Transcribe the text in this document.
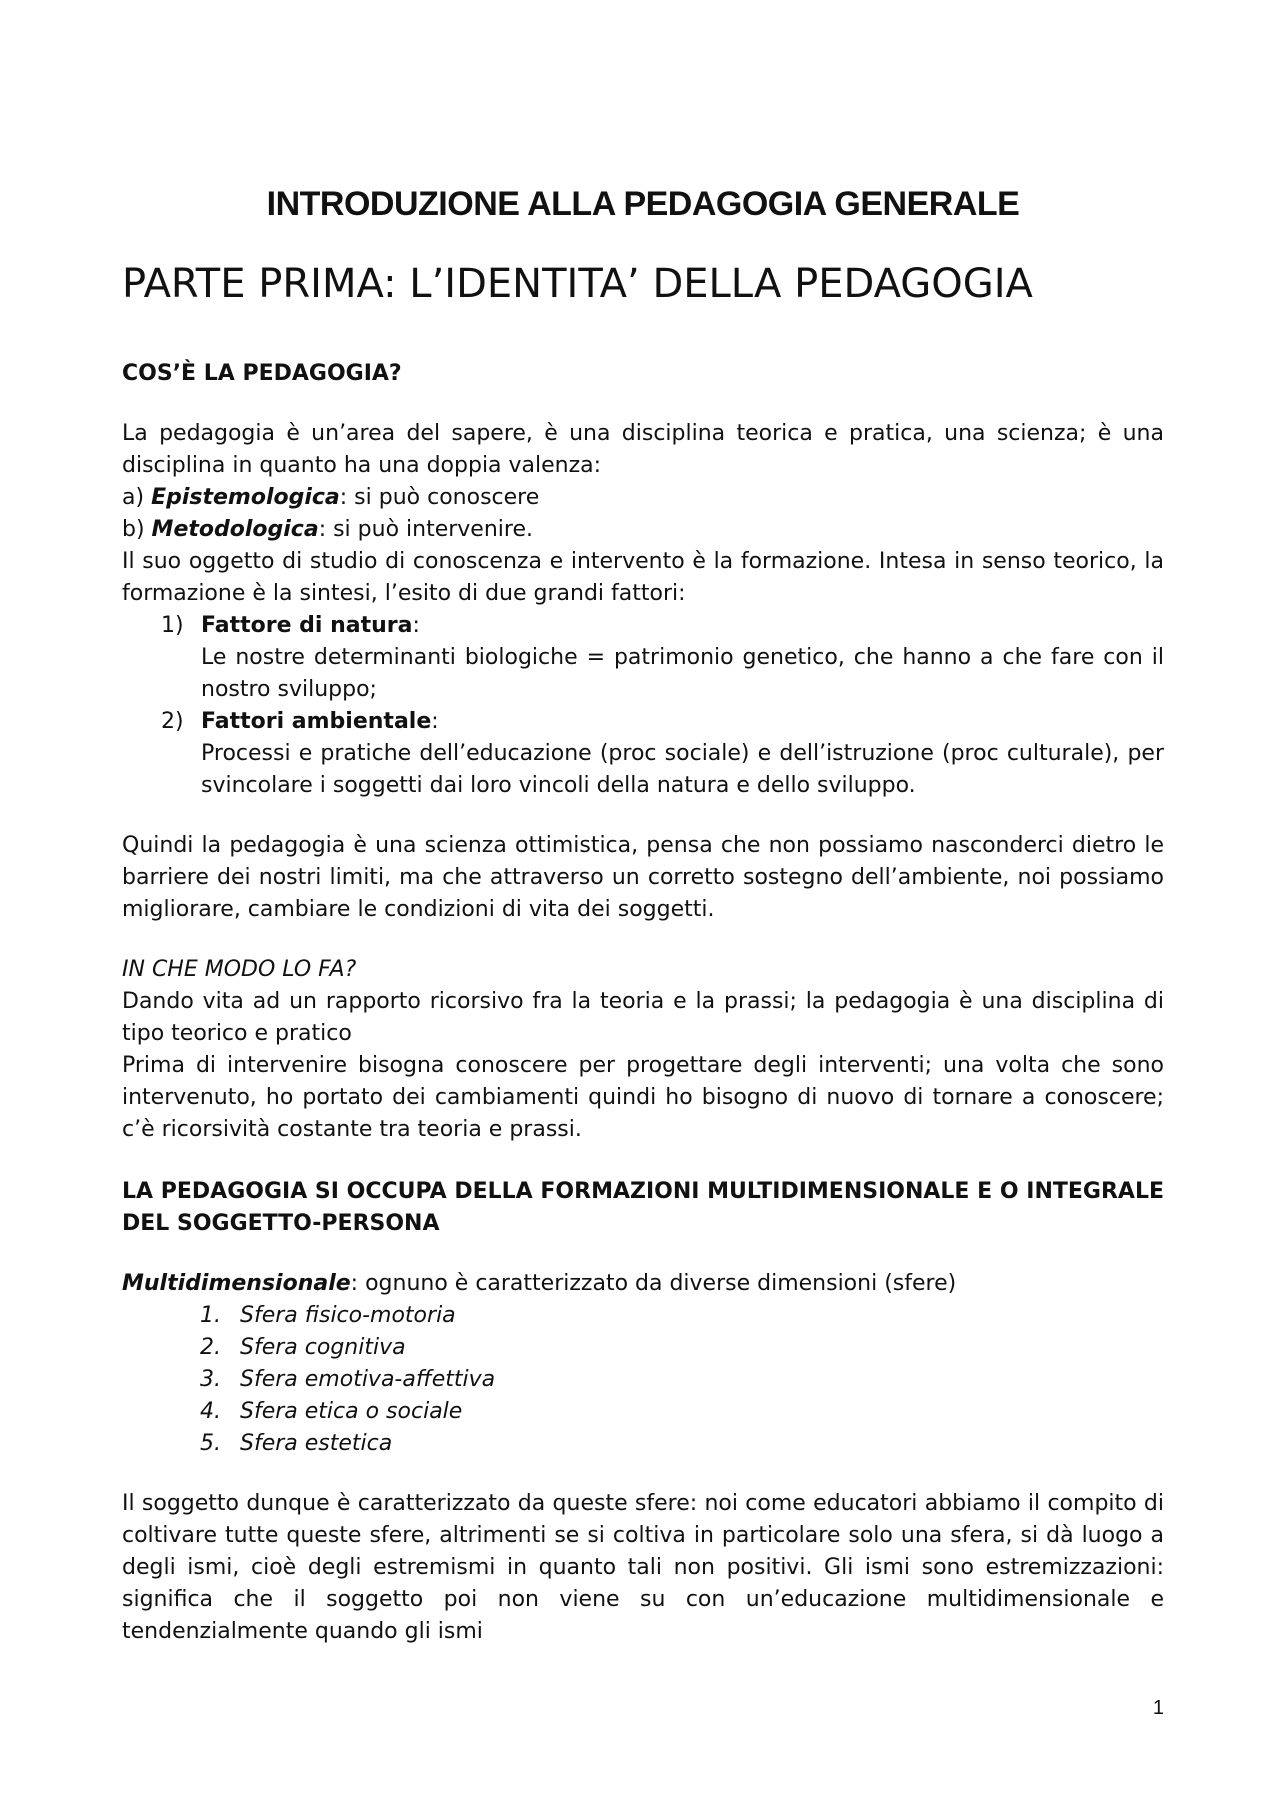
INTRODUZIONE ALLA PEDAGOGIA GENERALE
PARTE PRIMA: L’IDENTITA’ DELLA PEDAGOGIA

COS’È LA PEDAGOGIA?

La pedagogia è un’area del sapere, è una disciplina teorica e pratica, una scienza; è una disciplina in quanto ha una doppia valenza:

a) Epistemologica: si può conoscere

b) Metodologica: si può intervenire.

Il suo oggetto di studio di conoscenza e intervento è la formazione. Intesa in senso teorico, la formazione è la sintesi, l’esito di due grandi fattori:

1) Fattore di natura:
Le nostre determinanti biologiche = patrimonio genetico, che hanno a che fare con il nostro sviluppo;
2) Fattori ambientale:
Processi e pratiche dell’educazione (proc sociale) e dell’istruzione (proc culturale), per svincolare i soggetti dai loro vincoli della natura e dello sviluppo.

Quindi la pedagogia è una scienza ottimistica, pensa che non possiamo nasconderci dietro le barriere dei nostri limiti, ma che attraverso un corretto sostegno dell’ambiente, noi possiamo migliorare, cambiare le condizioni di vita dei soggetti.

IN CHE MODO LO FA?

Dando vita ad un rapporto ricorsivo fra la teoria e la prassi; la pedagogia è una disciplina di tipo teorico e pratico

Prima di intervenire bisogna conoscere per progettare degli interventi; una volta che sono intervenuto, ho portato dei cambiamenti quindi ho bisogno di nuovo di tornare a conoscere; c’è ricorsività costante tra teoria e prassi.

LA PEDAGOGIA SI OCCUPA DELLA FORMAZIONI MULTIDIMENSIONALE E O INTEGRALE DEL SOGGETTO-PERSONA

Multidimensionale: ognuno è caratterizzato da diverse dimensioni (sfere)

1. Sfera fisico-motoria
2. Sfera cognitiva
3. Sfera emotiva-affettiva
4. Sfera etica o sociale
5. Sfera estetica

Il soggetto dunque è caratterizzato da queste sfere: noi come educatori abbiamo il compito di coltivare tutte queste sfere, altrimenti se si coltiva in particolare solo una sfera, si dà luogo a degli ismi, cioè degli estremismi in quanto tali non positivi. Gli ismi sono estremizzazioni: significa che il soggetto poi non viene su con un’educazione multidimensionale e tendenzialmente quando gli ismi

1
